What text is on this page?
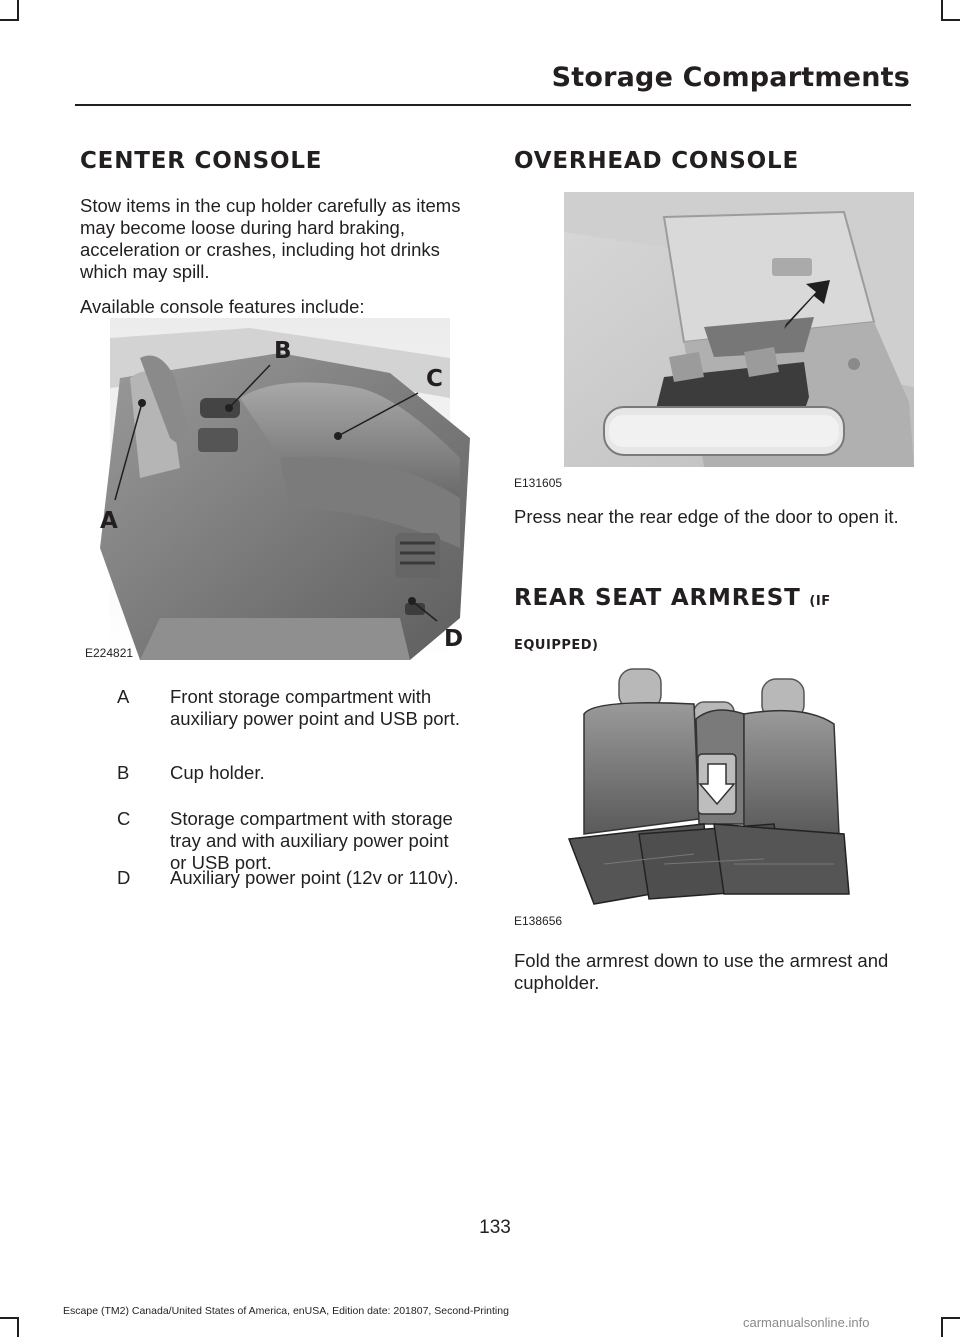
Storage Compartments
CENTER CONSOLE

Stow items in the cup holder carefully as items may become loose during hard braking, acceleration or crashes, including hot drinks which may spill.

Available console features include:

A
B
C
D
E224821
A Front storage compartment with auxiliary power point and USB port.
B Cup holder.
C Storage compartment with storage tray and with auxiliary power point or USB port.
D Auxiliary power point (12v or 110v).
OVERHEAD CONSOLE
E131605

Press near the rear edge of the door to open it.

REAR SEAT ARMREST (IF EQUIPPED)
E138656

Fold the armrest down to use the armrest and cupholder.

133
Escape (TM2) Canada/United States of America, enUSA, Edition date: 201807, Second-Printing
carmanualsonline.info
